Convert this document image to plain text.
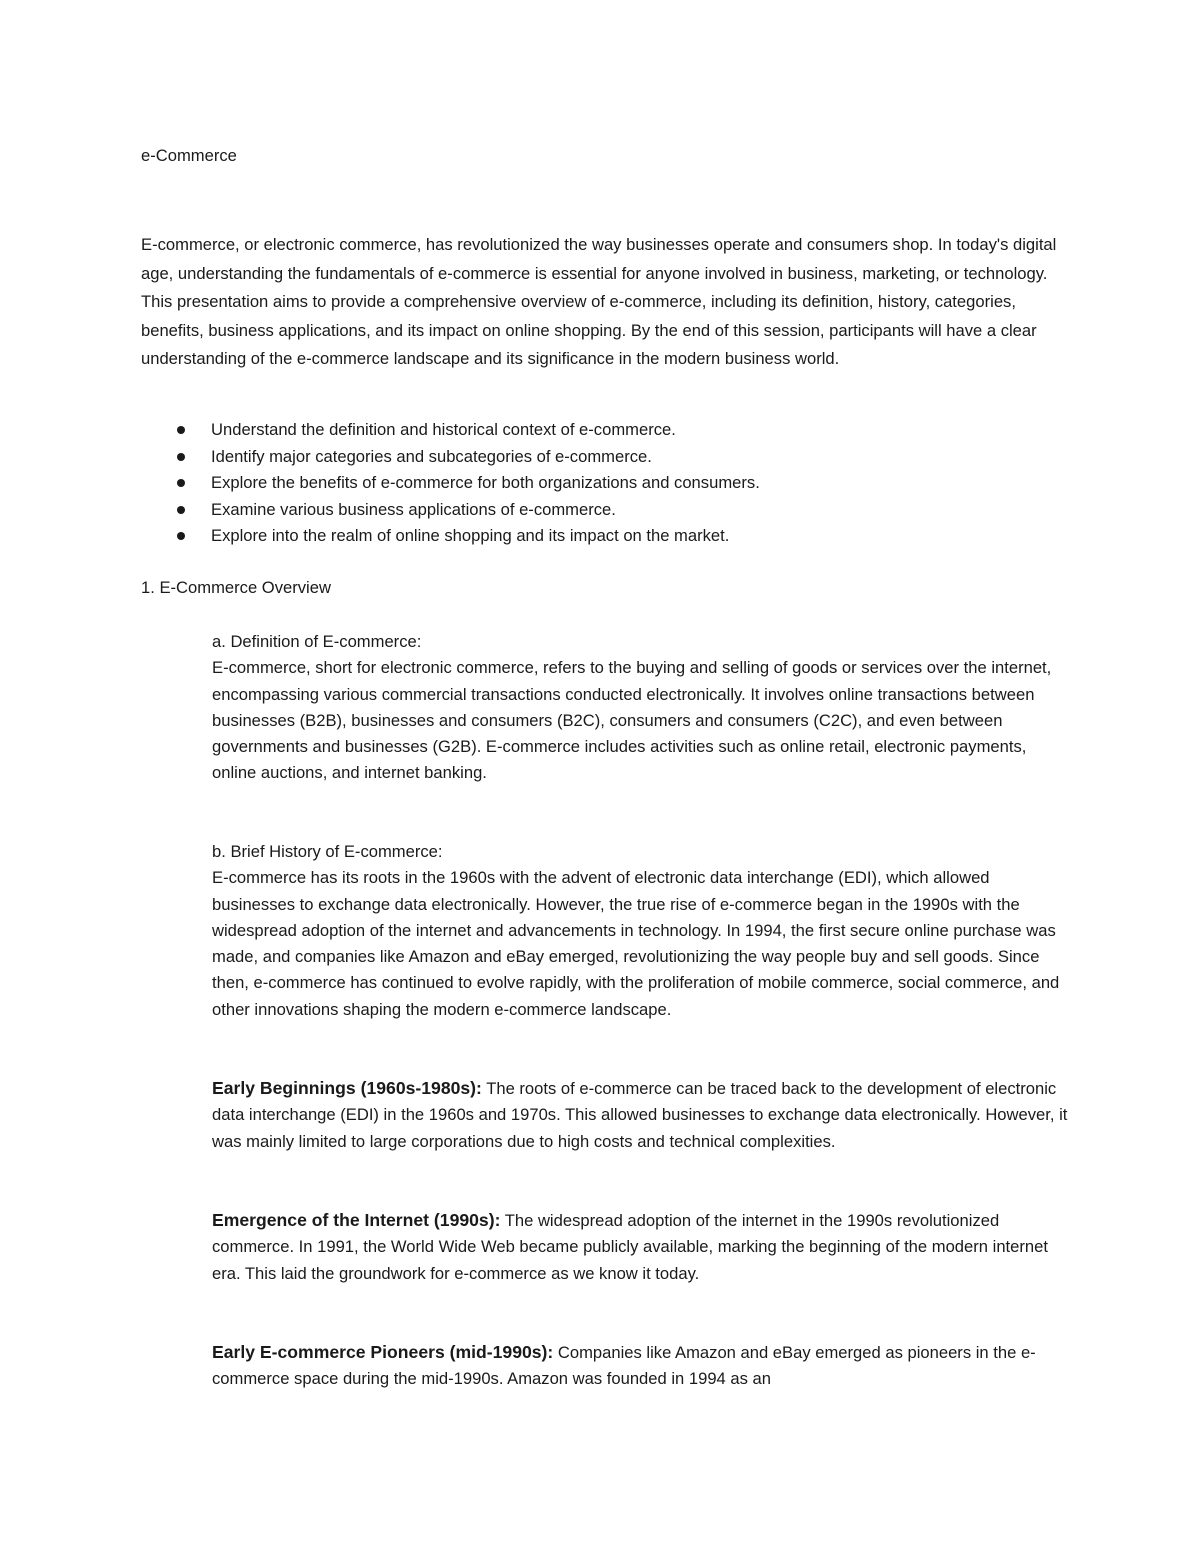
e-Commerce

E-commerce, or electronic commerce, has revolutionized the way businesses operate and consumers shop. In today's digital age, understanding the fundamentals of e-commerce is essential for anyone involved in business, marketing, or technology. This presentation aims to provide a comprehensive overview of e-commerce, including its definition, history, categories, benefits, business applications, and its impact on online shopping. By the end of this session, participants will have a clear understanding of the e-commerce landscape and its significance in the modern business world.

Understand the definition and historical context of e-commerce.
Identify major categories and subcategories of e-commerce.
Explore the benefits of e-commerce for both organizations and consumers.
Examine various business applications of e-commerce.
Explore into the realm of online shopping and its impact on the market.
1. E-Commerce Overview
a. Definition of E-commerce:
E-commerce, short for electronic commerce, refers to the buying and selling of goods or services over the internet, encompassing various commercial transactions conducted electronically. It involves online transactions between businesses (B2B), businesses and consumers (B2C), consumers and consumers (C2C), and even between governments and businesses (G2B). E-commerce includes activities such as online retail, electronic payments, online auctions, and internet banking.
b. Brief History of E-commerce:
E-commerce has its roots in the 1960s with the advent of electronic data interchange (EDI), which allowed businesses to exchange data electronically. However, the true rise of e-commerce began in the 1990s with the widespread adoption of the internet and advancements in technology. In 1994, the first secure online purchase was made, and companies like Amazon and eBay emerged, revolutionizing the way people buy and sell goods. Since then, e-commerce has continued to evolve rapidly, with the proliferation of mobile commerce, social commerce, and other innovations shaping the modern e-commerce landscape.

Early Beginnings (1960s-1980s): The roots of e-commerce can be traced back to the development of electronic data interchange (EDI) in the 1960s and 1970s. This allowed businesses to exchange data electronically. However, it was mainly limited to large corporations due to high costs and technical complexities.

Emergence of the Internet (1990s): The widespread adoption of the internet in the 1990s revolutionized commerce. In 1991, the World Wide Web became publicly available, marking the beginning of the modern internet era. This laid the groundwork for e-commerce as we know it today.

Early E-commerce Pioneers (mid-1990s): Companies like Amazon and eBay emerged as pioneers in the e-commerce space during the mid-1990s. Amazon was founded in 1994 as an
